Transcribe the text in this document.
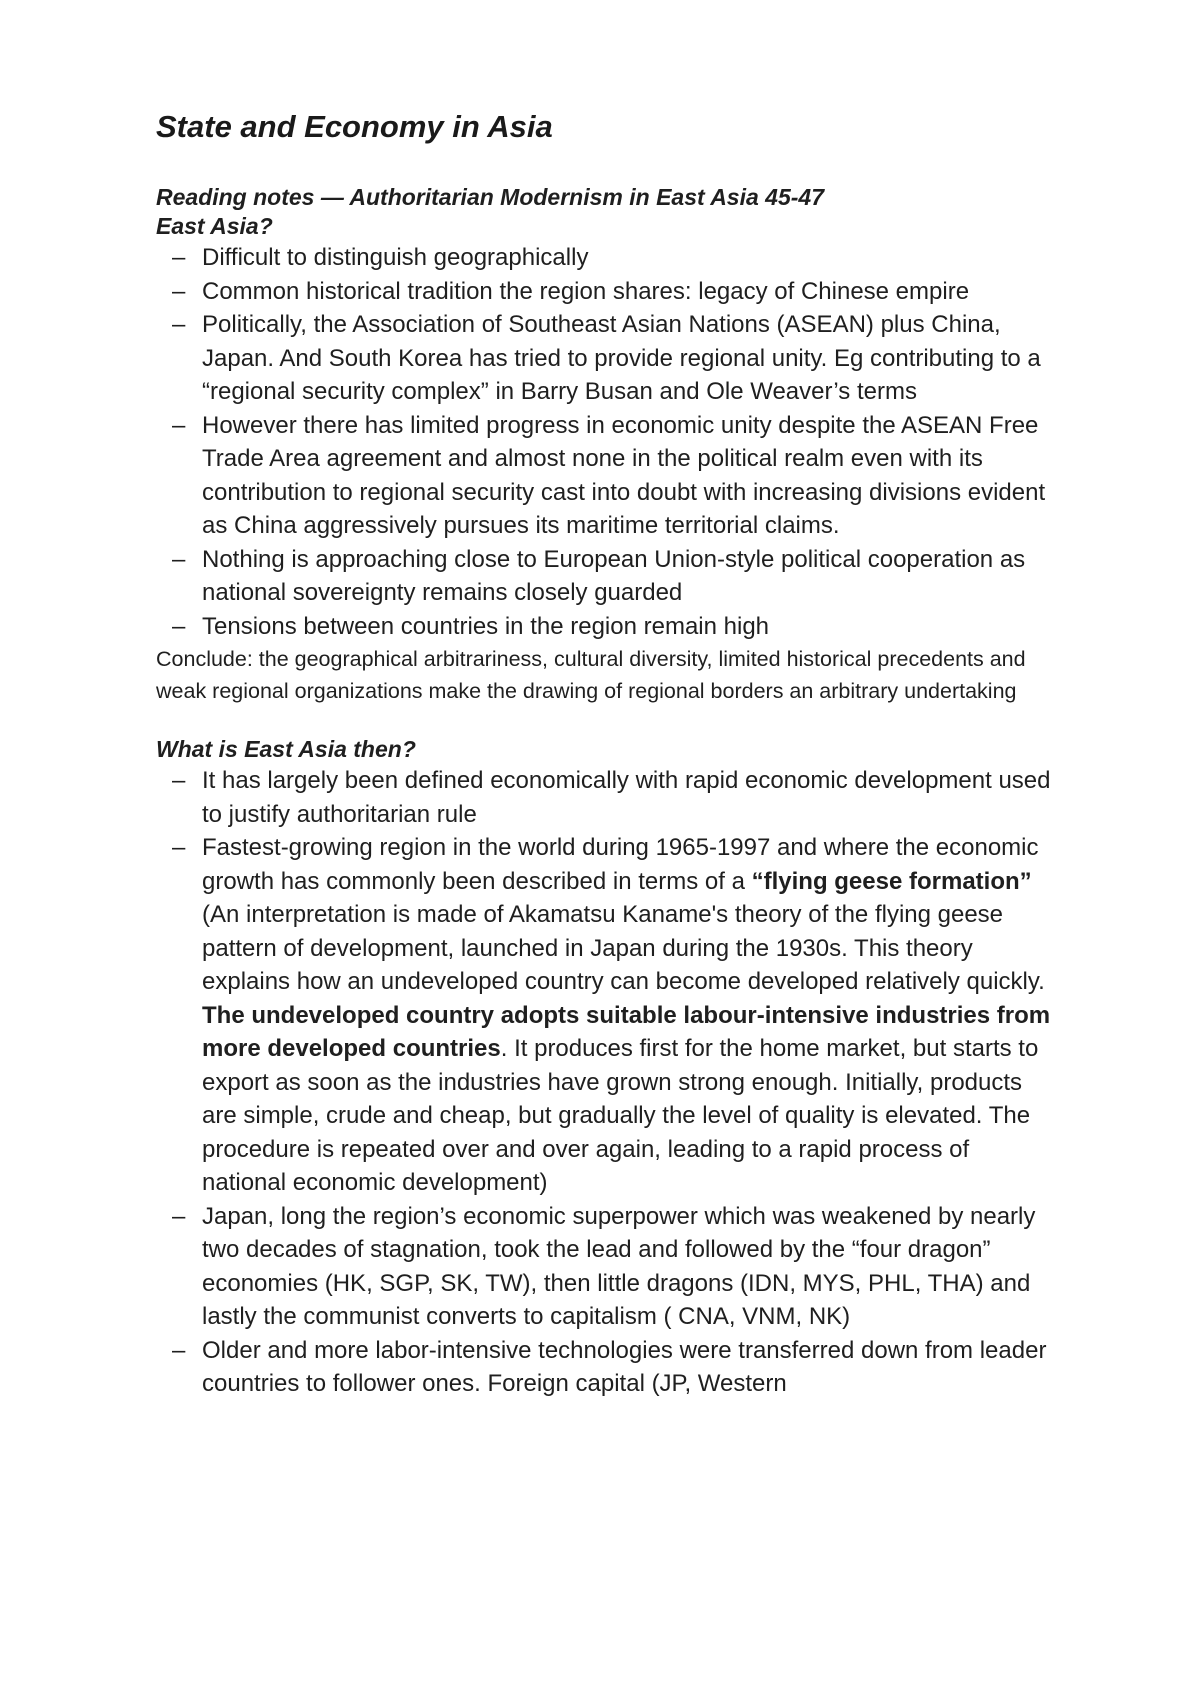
State and Economy in Asia

Reading notes — Authoritarian Modernism in East Asia 45-47

East Asia?

– Difficult to distinguish geographically
– Common historical tradition the region shares: legacy of Chinese empire
– Politically, the Association of Southeast Asian Nations (ASEAN) plus China, Japan. And South Korea has tried to provide regional unity. Eg contributing to a “regional security complex” in Barry Busan and Ole Weaver’s terms
– However there has limited progress in economic unity despite the ASEAN Free Trade Area agreement and almost none in the political realm even with its contribution to regional security cast into doubt with increasing divisions evident as China aggressively pursues its maritime territorial claims.
– Nothing is approaching close to European Union-style political cooperation as national sovereignty remains closely guarded
– Tensions between countries in the region remain high

Conclude: the geographical arbitrariness, cultural diversity, limited historical precedents and weak regional organizations make the drawing of regional borders an arbitrary undertaking

What is East Asia then?

– It has largely been defined economically with rapid economic development used to justify authoritarian rule
– Fastest-growing region in the world during 1965-1997 and where the economic growth has commonly been described in terms of a “flying geese formation” (An interpretation is made of Akamatsu Kaname's theory of the flying geese pattern of development, launched in Japan during the 1930s. This theory explains how an undeveloped country can become developed relatively quickly. The undeveloped country adopts suitable labour-intensive industries from more developed countries. It produces first for the home market, but starts to export as soon as the industries have grown strong enough. Initially, products are simple, crude and cheap, but gradually the level of quality is elevated. The procedure is repeated over and over again, leading to a rapid process of national economic development)
– Japan, long the region’s economic superpower which was weakened by nearly two decades of stagnation, took the lead and followed by the “four dragon” economies (HK, SGP, SK, TW), then little dragons (IDN, MYS, PHL, THA) and lastly the communist converts to capitalism ( CNA, VNM, NK)
– Older and more labor-intensive technologies were transferred down from leader countries to follower ones. Foreign capital (JP, Western
